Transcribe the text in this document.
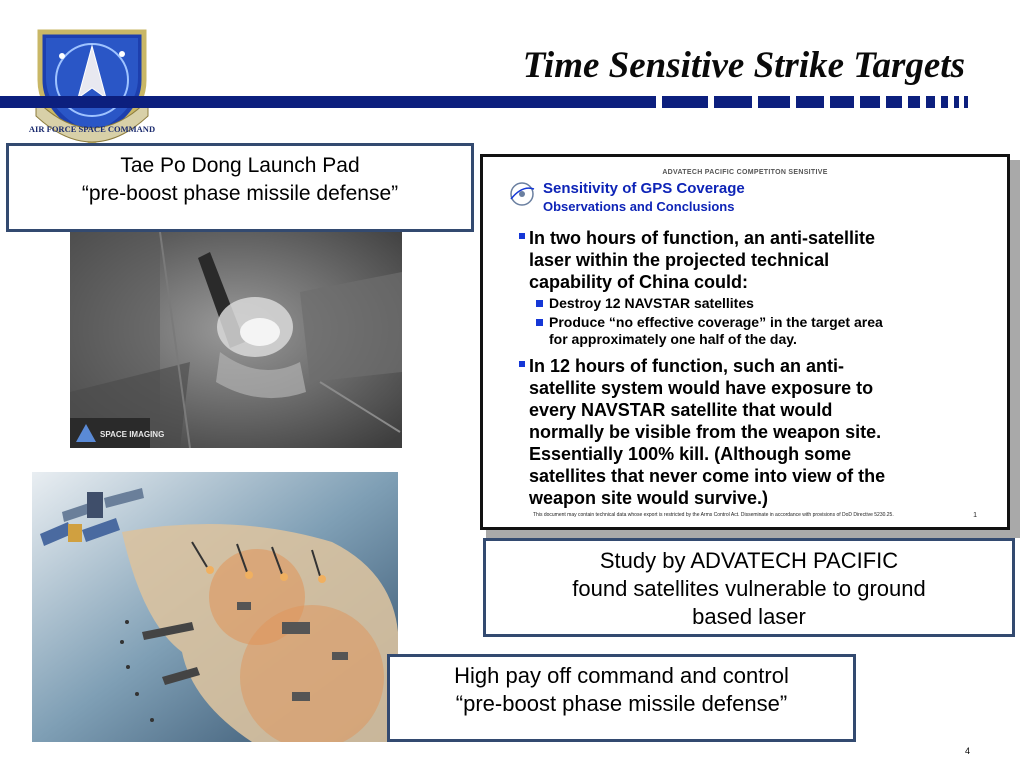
AIR FORCE SPACE COMMAND
Time Sensitive Strike Targets
SPACE IMAGING
Tae Po Dong Launch Pad
“pre-boost phase missile defense”
ADVATECH PACIFIC COMPETITON SENSITIVE
Sensitivity of GPS Coverage
Observations and Conclusions
In two hours of function, an anti-satellite
laser within the projected technical
capability of China could:
Destroy 12 NAVSTAR satellites
Produce “no effective coverage” in the target area
for approximately one half of the day.
In 12 hours of function, such an anti-
satellite system would have exposure to
every NAVSTAR satellite that would
normally be visible from the weapon site.
Essentially 100% kill. (Although some
satellites that never come into view of the
weapon site would survive.)
This document may contain technical data whose export is restricted by the Arms Control Act. Disseminate in accordance with provisions of DoD Directive 5230.25.	1
Study by ADVATECH PACIFIC
found satellites vulnerable to ground
based laser
High pay off command and control
“pre-boost phase missile defense”
4
